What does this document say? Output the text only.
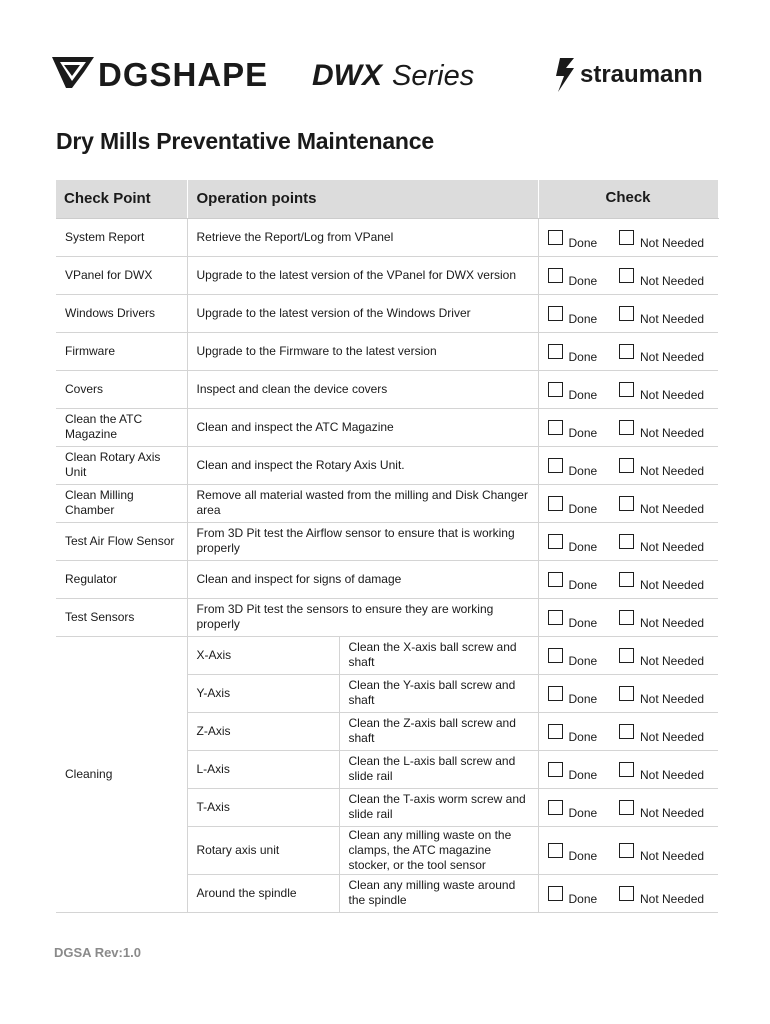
DGSHAPE DWX Series	straumann
Dry Mills Preventative Maintenance
Check Point	Operation points		Check	
System Report	Retrieve the Report/Log from VPanel		Done	Not Needed

VPanel for DWX	Upgrade to the latest version of the VPanel for DWX version		Done	Not Needed

Windows Drivers	Upgrade to the latest version of the Windows Driver		Done	Not Needed

Firmware	Upgrade to the Firmware to the latest version		Done	Not Needed

Covers	Inspect and clean the device covers		Done	Not Needed

Clean the ATC Magazine	Clean and inspect the ATC Magazine		Done	Not Needed

Clean Rotary Axis Unit	Clean and inspect the Rotary Axis Unit.		Done	Not Needed

Clean Milling Chamber	Remove all material wasted from the milling and Disk Changer area		Done	Not Needed

Test Air Flow Sensor	From 3D Pit test the Airflow sensor to ensure that is working properly		Done	Not Needed

Regulator	Clean and inspect for signs of damage		Done	Not Needed

Test Sensors	From 3D Pit test the sensors to ensure they are working properly		Done	Not Needed

Cleaning	X-Axis	Clean the X-axis ball screw and shaft	Done	Not Needed

	Y-Axis	Clean the Y-axis ball screw and shaft	Done	Not Needed

	Z-Axis	Clean the Z-axis ball screw and shaft	Done	Not Needed

	L-Axis	Clean the L-axis ball screw and slide rail	Done	Not Needed

	T-Axis	Clean the T-axis worm screw and slide rail	Done	Not Needed

	Rotary axis unit	Clean any milling waste on the clamps, the ATC magazine stocker, or the tool sensor	Done	Not Needed

	Around the spindle	Clean any milling waste around the spindle	Done	Not Needed
DGSA Rev:1.0
